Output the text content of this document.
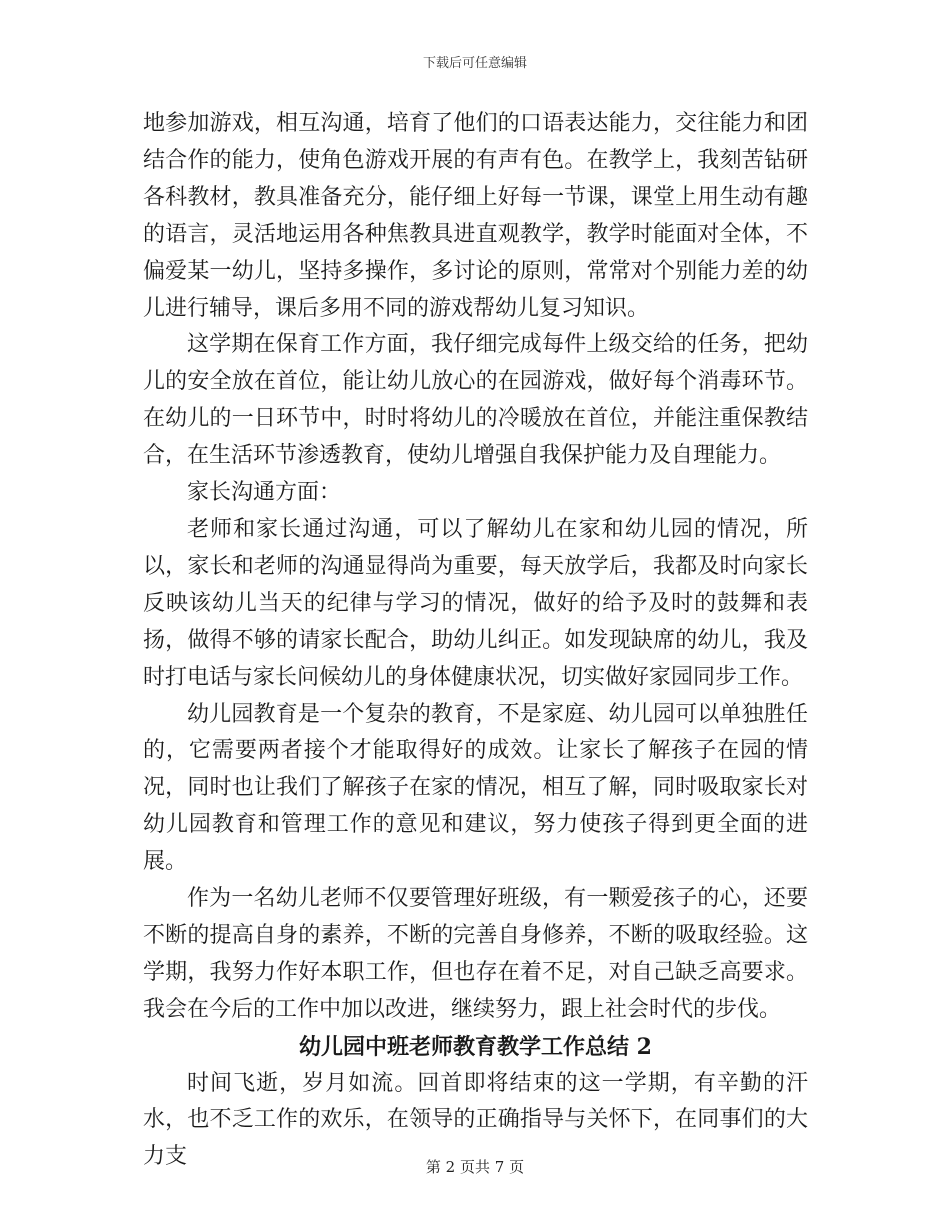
下载后可任意编辑

地参加游戏，相互沟通，培育了他们的口语表达能力，交往能力和团结合作的能力，使角色游戏开展的有声有色。在教学上，我刻苦钻研各科教材，教具准备充分，能仔细上好每一节课，课堂上用生动有趣的语言，灵活地运用各种焦教具进直观教学，教学时能面对全体，不偏爱某一幼儿，坚持多操作，多讨论的原则，常常对个别能力差的幼儿进行辅导，课后多用不同的游戏帮幼儿复习知识。

这学期在保育工作方面，我仔细完成每件上级交给的任务，把幼儿的安全放在首位，能让幼儿放心的在园游戏，做好每个消毒环节。在幼儿的一日环节中，时时将幼儿的冷暖放在首位，并能注重保教结合，在生活环节渗透教育，使幼儿增强自我保护能力及自理能力。

家长沟通方面：

老师和家长通过沟通，可以了解幼儿在家和幼儿园的情况，所以，家长和老师的沟通显得尚为重要，每天放学后，我都及时向家长反映该幼儿当天的纪律与学习的情况，做好的给予及时的鼓舞和表扬，做得不够的请家长配合，助幼儿纠正。如发现缺席的幼儿，我及时打电话与家长问候幼儿的身体健康状况，切实做好家园同步工作。

幼儿园教育是一个复杂的教育，不是家庭、幼儿园可以单独胜任的，它需要两者接个才能取得好的成效。让家长了解孩子在园的情况，同时也让我们了解孩子在家的情况，相互了解，同时吸取家长对幼儿园教育和管理工作的意见和建议，努力使孩子得到更全面的进展。

作为一名幼儿老师不仅要管理好班级，有一颗爱孩子的心，还要不断的提高自身的素养，不断的完善自身修养，不断的吸取经验。这学期，我努力作好本职工作，但也存在着不足，对自己缺乏高要求。我会在今后的工作中加以改进，继续努力，跟上社会时代的步伐。

幼儿园中班老师教育教学工作总结 2

时间飞逝，岁月如流。回首即将结束的这一学期，有辛勤的汗水，也不乏工作的欢乐，在领导的正确指导与关怀下，在同事们的大力支	第 2 页共 7 页
